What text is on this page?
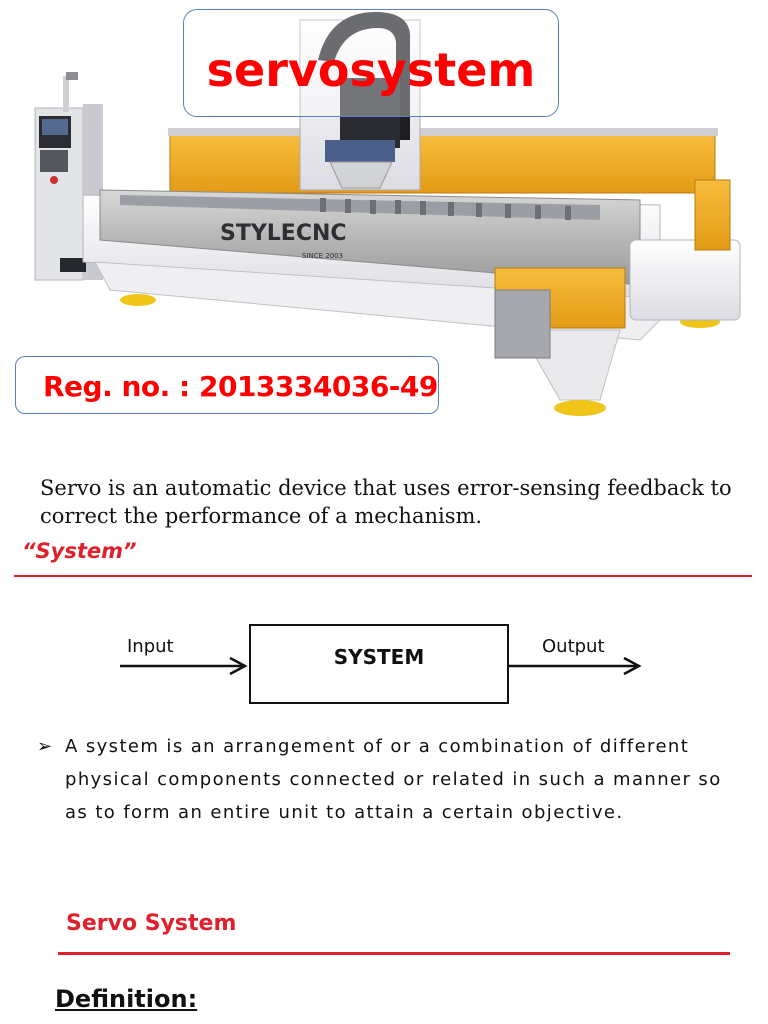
STYLECNC
SINCE 2003
servosystem
Reg. no. : 2013334036-49
Servo is an automatic device that uses error-sensing feedback to correct the performance of a mechanism.
“System”
Input	SYSTEM	Output
➢ A system is an arrangement of or a combination of different physical components connected or related in such a manner so as to form an entire unit to attain a certain objective.
Servo System
Definition:
